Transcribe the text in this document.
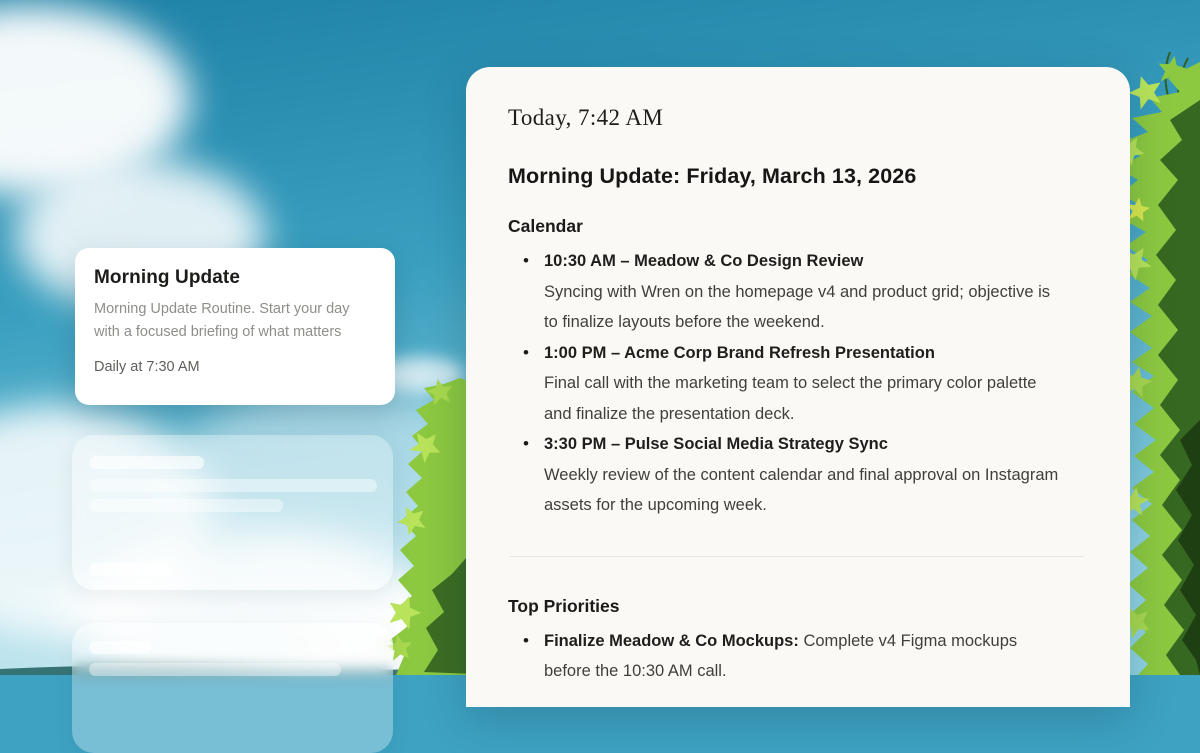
Morning Update
Morning Update Routine. Start your day with a focused briefing of what matters
Daily at 7:30 AM
Today, 7:42 AM
Morning Update: Friday, March 13, 2026
Calendar
• 10:30 AM – Meadow & Co Design Review
Syncing with Wren on the homepage v4 and product grid; objective is to finalize layouts before the weekend.
• 1:00 PM – Acme Corp Brand Refresh Presentation
Final call with the marketing team to select the primary color palette and finalize the presentation deck.
• 3:30 PM – Pulse Social Media Strategy Sync
Weekly review of the content calendar and final approval on Instagram assets for the upcoming week.
Top Priorities
• Finalize Meadow & Co Mockups: Complete v4 Figma mockups before the 10:30 AM call.
